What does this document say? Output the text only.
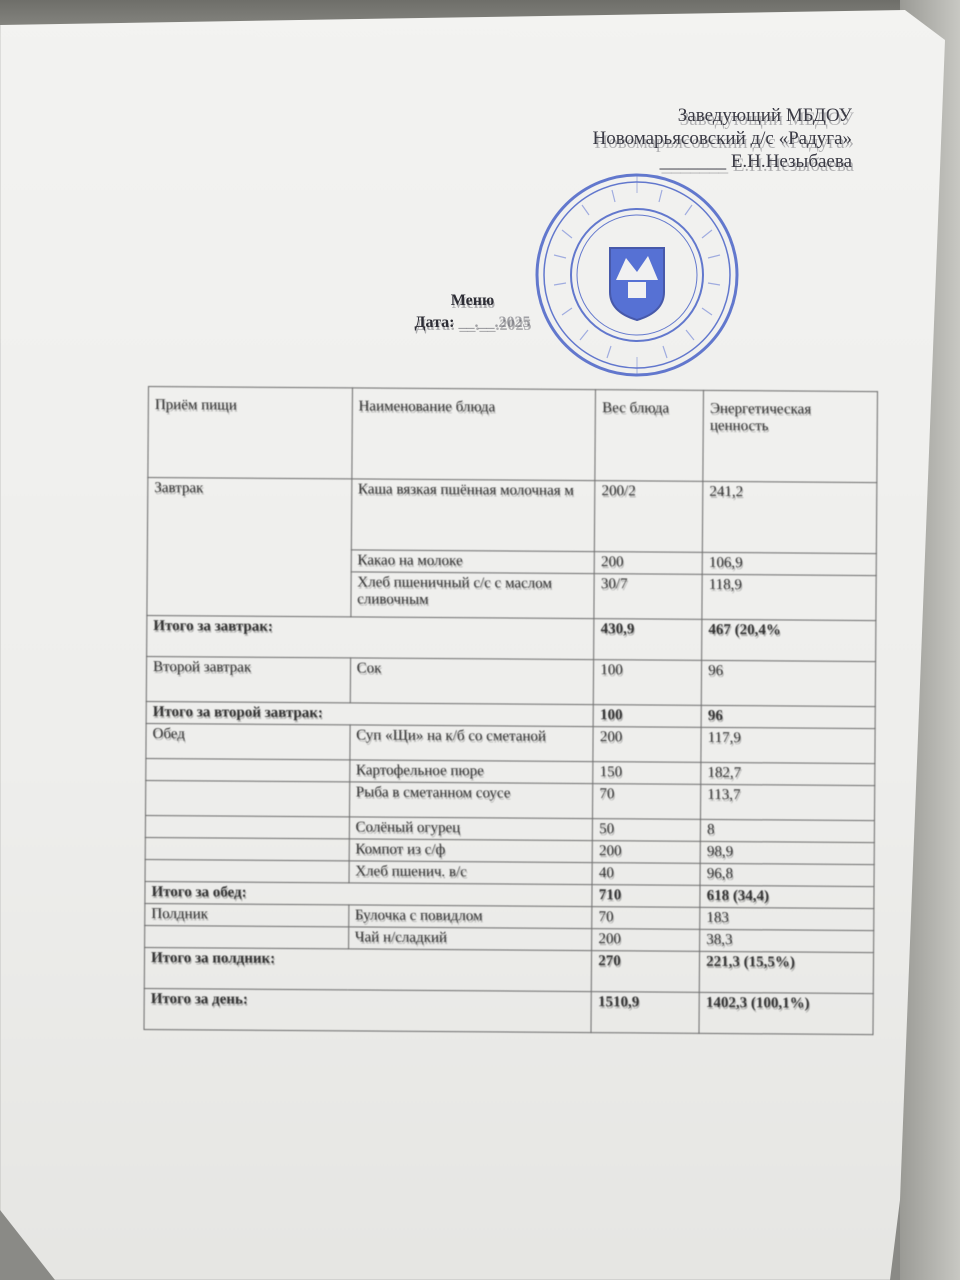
Заведующий МБДОУ
Новомарьясовский д/с «Радуга»
_______ Е.Н.Незыбаева
Меню
Дата: __.__.2025
Приём пищи	Наименование блюда	Вес блюда	Энергетическая ценность
Завтрак	Каша вязкая пшённая молочная м	200/2	241,2
	Какао на молоке	200	106,9
	Хлеб пшеничный с/с с маслом сливочным	30/7	118,9
Итого за завтрак:		430,9	467 (20,4%
Второй завтрак	Сок	100	96
Итого за второй завтрак:		100	96
Обед	Суп «Щи» на к/б со сметаной	200	117,9
	Картофельное пюре	150	182,7
	Рыба в сметанном соусе	70	113,7
	Солёный огурец	50	8
	Компот из с/ф	200	98,9
	Хлеб пшенич. в/с	40	96,8
Итого за обед:		710	618 (34,4)
Полдник	Булочка с повидлом	70	183
	Чай н/сладкий	200	38,3
Итого за полдник:		270	221,3 (15,5%)
Итого за день:		1510,9	1402,3 (100,1%)
